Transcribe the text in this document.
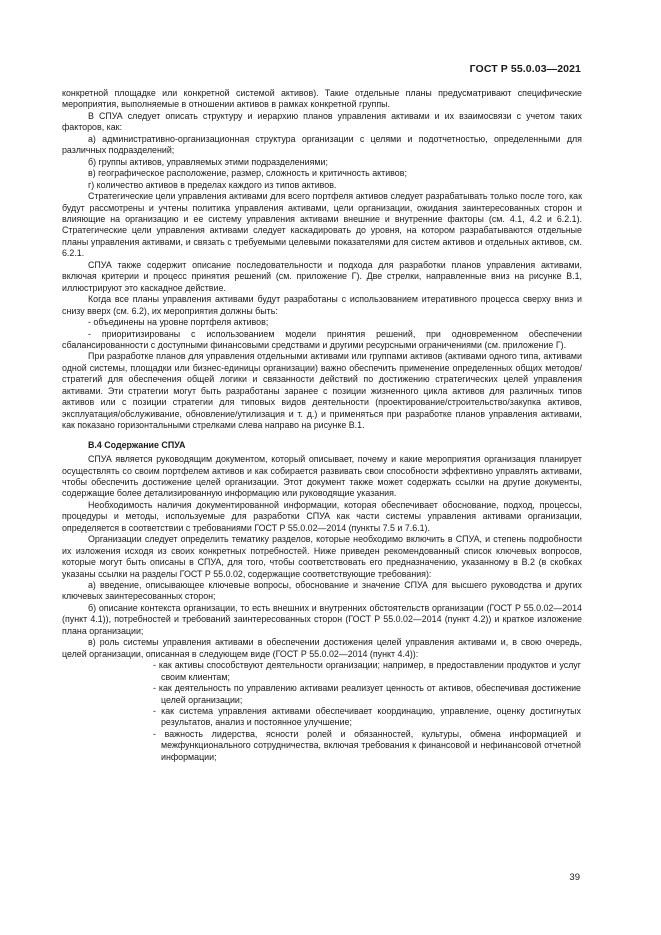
ГОСТ Р 55.0.03—2021

конкретной площадке или конкретной системой активов). Такие отдельные планы предусматривают специфические мероприятия, выполняемые в отношении активов в рамках конкретной группы.

В СПУА следует описать структуру и иерархию планов управления активами и их взаимосвязи с учетом таких факторов, как:

а) административно-организационная структура организации с целями и подотчетностью, определенными для различных подразделений;

б) группы активов, управляемых этими подразделениями;

в) географическое расположение, размер, сложность и критичность активов;

г) количество активов в пределах каждого из типов активов.

Стратегические цели управления активами для всего портфеля активов следует разрабатывать только после того, как будут рассмотрены и учтены политика управления активами, цели организации, ожидания заинтересованных сторон и влияющие на организацию и ее систему управления активами внешние и внутренние факторы (см. 4.1, 4.2 и 6.2.1). Стратегические цели управления активами следует каскадировать до уровня, на котором разрабатываются отдельные планы управления активами, и связать с требуемыми целевыми показателями для систем активов и отдельных активов, см. 6.2.1.

СПУА также содержит описание последовательности и подхода для разработки планов управления активами, включая критерии и процесс принятия решений (см. приложение Г). Две стрелки, направленные вниз на рисунке В.1, иллюстрируют это каскадное действие.

Когда все планы управления активами будут разработаны с использованием итеративного процесса сверху вниз и снизу вверх (см. 6.2), их мероприятия должны быть:

- объединены на уровне портфеля активов;

- приоритизированы с использованием модели принятия решений, при одновременном обеспечении сбалансированности с доступными финансовыми средствами и другими ресурсными ограничениями (см. приложение Г).

При разработке планов для управления отдельными активами или группами активов (активами одного типа, активами одной системы, площадки или бизнес-единицы организации) важно обеспечить применение определенных общих методов/стратегий для обеспечения общей логики и связанности действий по достижению стратегических целей управления активами. Эти стратегии могут быть разработаны заранее с позиции жизненного цикла активов для различных типов активов или с позиции стратегии для типовых видов деятельности (проектирование/строительство/закупка активов, эксплуатация/обслуживание, обновление/утилизация и т. д.) и применяться при разработке планов управления активами, как показано горизонтальными стрелками слева направо на рисунке В.1.

В.4 Содержание СПУА

СПУА является руководящим документом, который описывает, почему и какие мероприятия организация планирует осуществлять со своим портфелем активов и как собирается развивать свои способности эффективно управлять активами, чтобы обеспечить достижение целей организации. Этот документ также может содержать ссылки на другие документы, содержащие более детализированную информацию или руководящие указания.

Необходимость наличия документированной информации, которая обеспечивает обоснование, подход, процессы, процедуры и методы, используемые для разработки СПУА как части системы управления активами организации, определяется в соответствии с требованиями ГОСТ Р 55.0.02—2014 (пункты 7.5 и 7.6.1).

Организации следует определить тематику разделов, которые необходимо включить в СПУА, и степень подробности их изложения исходя из своих конкретных потребностей. Ниже приведен рекомендованный список ключевых вопросов, которые могут быть описаны в СПУА, для того, чтобы соответствовать его предназначению, указанному в В.2 (в скобках указаны ссылки на разделы ГОСТ Р 55.0.02, содержащие соответствующие требования):

а) введение, описывающее ключевые вопросы, обоснование и значение СПУА для высшего руководства и других ключевых заинтересованных сторон;

б) описание контекста организации, то есть внешних и внутренних обстоятельств организации (ГОСТ Р 55.0.02—2014 (пункт 4.1)), потребностей и требований заинтересованных сторон (ГОСТ Р 55.0.02—2014 (пункт 4.2)) и краткое изложение плана организации;

в) роль системы управления активами в обеспечении достижения целей управления активами и, в свою очередь, целей организации, описанная в следующем виде (ГОСТ Р 55.0.02—2014 (пункт 4.4)):

- как активы способствуют деятельности организации; например, в предоставлении продуктов и услуг своим клиентам;

- как деятельность по управлению активами реализует ценность от активов, обеспечивая достижение целей организации;

- как система управления активами обеспечивает координацию, управление, оценку достигнутых результатов, анализ и постоянное улучшение;

- важность лидерства, ясности ролей и обязанностей, культуры, обмена информацией и межфункционального сотрудничества, включая требования к финансовой и нефинансовой отчетной информации;

39
